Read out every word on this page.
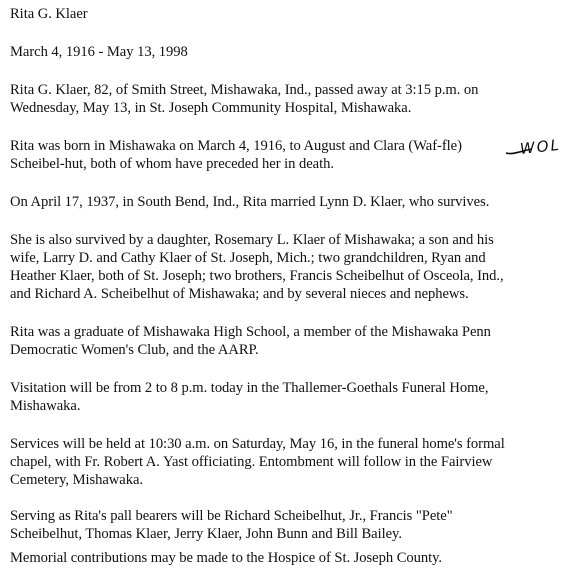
Rita G. Klaer
March 4, 1916 - May 13, 1998
Rita G. Klaer, 82, of Smith Street, Mishawaka, Ind., passed away at 3:15 p.m. on
Wednesday, May 13, in St. Joseph Community Hospital, Mishawaka.
Rita was born in Mishawaka on March 4, 1916, to August and Clara (Waf-fle)
Scheibel-hut, both of whom have preceded her in death.
WOL
On April 17, 1937, in South Bend, Ind., Rita married Lynn D. Klaer, who survives.
She is also survived by a daughter, Rosemary L. Klaer of Mishawaka; a son and his
wife, Larry D. and Cathy Klaer of St. Joseph, Mich.; two grandchildren, Ryan and
Heather Klaer, both of St. Joseph; two brothers, Francis Scheibelhut of Osceola, Ind.,
and Richard A. Scheibelhut of Mishawaka; and by several nieces and nephews.
Rita was a graduate of Mishawaka High School, a member of the Mishawaka Penn
Democratic Women's Club, and the AARP.
Visitation will be from 2 to 8 p.m. today in the Thallemer-Goethals Funeral Home,
Mishawaka.
Services will be held at 10:30 a.m. on Saturday, May 16, in the funeral home's formal
chapel, with Fr. Robert A. Yast officiating. Entombment will follow in the Fairview
Cemetery, Mishawaka.
Serving as Rita's pall bearers will be Richard Scheibelhut, Jr., Francis "Pete"
Scheibelhut, Thomas Klaer, Jerry Klaer, John Bunn and Bill Bailey.
Memorial contributions may be made to the Hospice of St. Joseph County.
